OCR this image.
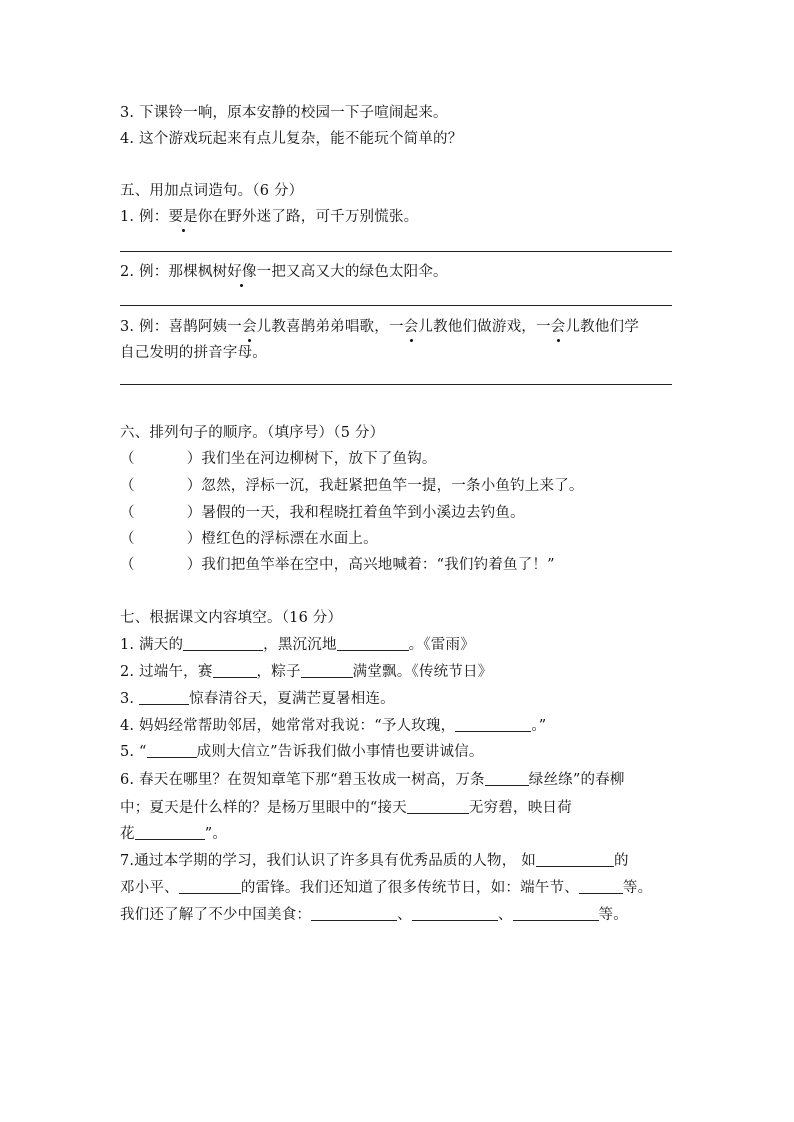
3. 下课铃一响，原本安静的校园一下子喧闹起来。
4. 这个游戏玩起来有点儿复杂，能不能玩个简单的？
五、用加点词造句。（6 分）
1. 例：要是你在野外迷了路，可千万别慌张。
2. 例：那棵枫树好像一把又高又大的绿色太阳伞。
3. 例：喜鹊阿姨一会儿教喜鹊弟弟唱歌，一会儿教他们做游戏，一会儿教他们学
自己发明的拼音字母。
六、排列句子的顺序。（填序号）（5 分）
（	）我们坐在河边柳树下，放下了鱼钩。
（	）忽然，浮标一沉，我赶紧把鱼竿一提，一条小鱼钓上来了。
（	）暑假的一天，我和程晓扛着鱼竿到小溪边去钓鱼。
（	）橙红色的浮标漂在水面上。
（	）我们把鱼竿举在空中，高兴地喊着：“我们钓着鱼了！”
七、根据课文内容填空。（16 分）
1. 满天的	，黑沉沉地	。《雷雨》
2. 过端午，赛	，粽子	满堂飘。《传统节日》
3.	惊春清谷天，夏满芒夏暑相连。
4. 妈妈经常帮助邻居，她常常对我说：“予人玫瑰，	。”
5. “	成则大信立”告诉我们做小事情也要讲诚信。
6. 春天在哪里？在贺知章笔下那“碧玉妆成一树高，万条	绿丝绦”的春柳
中；夏天是什么样的？是杨万里眼中的“接天	无穷碧，映日荷
花	”。
7.通过本学期的学习，我们认识了许多具有优秀品质的人物， 如	的
邓小平、	的雷锋。我们还知道了很多传统节日，如：端午节、	等。
我们还了解了不少中国美食：	、	、	等。
